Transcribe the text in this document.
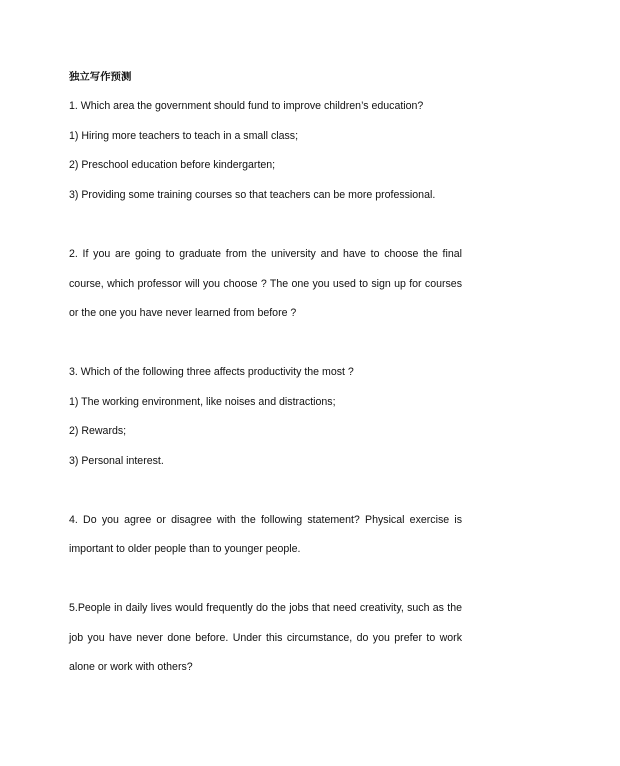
独立写作预测
1. Which area the government should fund to improve children’s education?
1) Hiring more teachers to teach in a small class;
2) Preschool education before kindergarten;
3) Providing some training courses so that teachers can be more professional.
2. If you are going to graduate from the university and have to choose the final
course, which professor will you choose ? The one you used to sign up for courses
or the one you have never learned from before ?
3. Which of the following three affects productivity the most ?
1) The working environment, like noises and distractions;
2) Rewards;
3) Personal interest.
4. Do you agree or disagree with the following statement? Physical exercise is
important to older people than to younger people.
5.People in daily lives would frequently do the jobs that need creativity, such as the
job you have never done before. Under this circumstance, do you prefer to work
alone or work with others?
